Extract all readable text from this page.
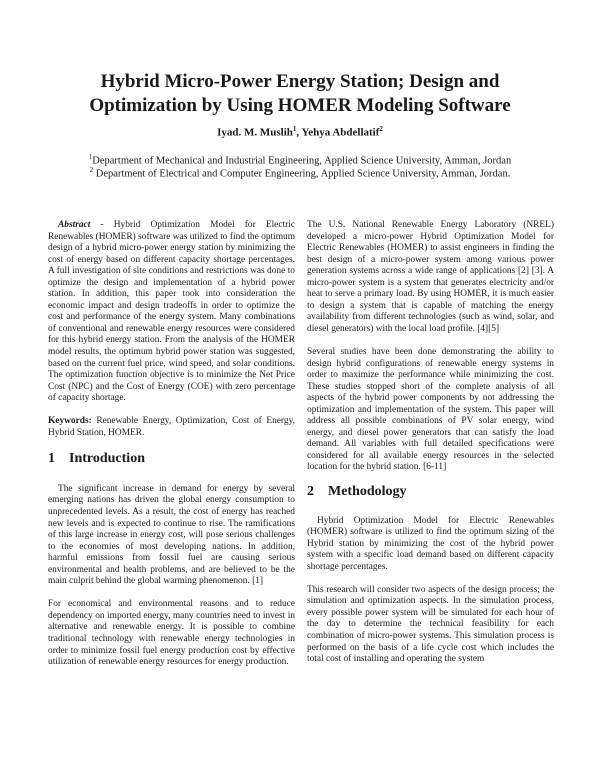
Hybrid Micro-Power Energy Station; Design and
Optimization by Using HOMER Modeling Software
Iyad. M. Muslih$^1$, Yehya Abdellatif$^2$
$^1$Department of Mechanical and Industrial Engineering, Applied Science University, Amman, Jordan
$^2$ Department of Electrical and Computer Engineering, Applied Science University, Amman, Jordan.

Abstract - Hybrid Optimization Model for Electric Renewables (HOMER) software was utilized to find the optimum design of a hybrid micro-power energy station by minimizing the cost of energy based on different capacity shortage percentages. A full investigation of site conditions and restrictions was done to optimize the design and implementation of a hybrid power station. In addition, this paper took into consideration the economic impact and design tradeoffs in order to optimize the cost and performance of the energy system. Many combinations of conventional and renewable energy resources were considered for this hybrid energy station. From the analysis of the HOMER model results, the optimum hybrid power station was suggested, based on the current fuel price, wind speed, and solar conditions. The optimization function objective is to minimize the Net Price Cost (NPC) and the Cost of Energy (COE) with zero percentage of capacity shortage.

Keywords: Renewable Energy, Optimization, Cost of Energy, Hybrid Station, HOMER.

1 Introduction

The significant increase in demand for energy by several emerging nations has driven the global energy consumption to unprecedented levels. As a result, the cost of energy has reached new levels and is expected to continue to rise. The ramifications of this large increase in energy cost, will pose serious challenges to the economies of most developing nations. In addition, harmful emissions from fossil fuel are causing serious environmental and health problems, and are believed to be the main culprit behind the global warming phenomenon. [1]

For economical and environmental reasons and to reduce dependency on imported energy, many countries need to invest in alternative and renewable energy. It is possible to combine traditional technology with renewable energy technologies in order to minimize fossil fuel energy production cost by effective utilization of renewable energy resources for energy production.

The U.S. National Renewable Energy Laboratory (NREL) developed a micro-power Hybrid Optimization Model for Electric Renewables (HOMER) to assist engineers in finding the best design of a micro-power system among various power generation systems across a wide range of applications [2] [3]. A micro-power system is a system that generates electricity and/or heat to serve a primary load. By using HOMER, it is much easier to design a system that is capable of matching the energy availability from different technologies (such as wind, solar, and diesel generators) with the local load profile. [4][5]

Several studies have been done demonstrating the ability to design hybrid configurations of renewable energy systems in order to maximize the performance while minimizing the cost. These studies stopped short of the complete analysis of all aspects of the hybrid power components by not addressing the optimization and implementation of the system. This paper will address all possible combinations of PV solar energy, wind energy, and diesel power generators that can satisfy the load demand. All variables with full detailed specifications were considered for all available energy resources in the selected location for the hybrid station. [6-11]

2 Methodology

Hybrid Optimization Model for Electric Renewables (HOMER) software is utilized to find the optimum sizing of the Hybrid station by minimizing the cost of the hybrid power system with a specific load demand based on different capacity shortage percentages.

This research will consider two aspects of the design process; the simulation and optimization aspects. In the simulation process, every possible power system will be simulated for each hour of the day to determine the technical feasibility for each combination of micro-power systems. This simulation process is performed on the basis of a life cycle cost which includes the total cost of installing and operating the system
